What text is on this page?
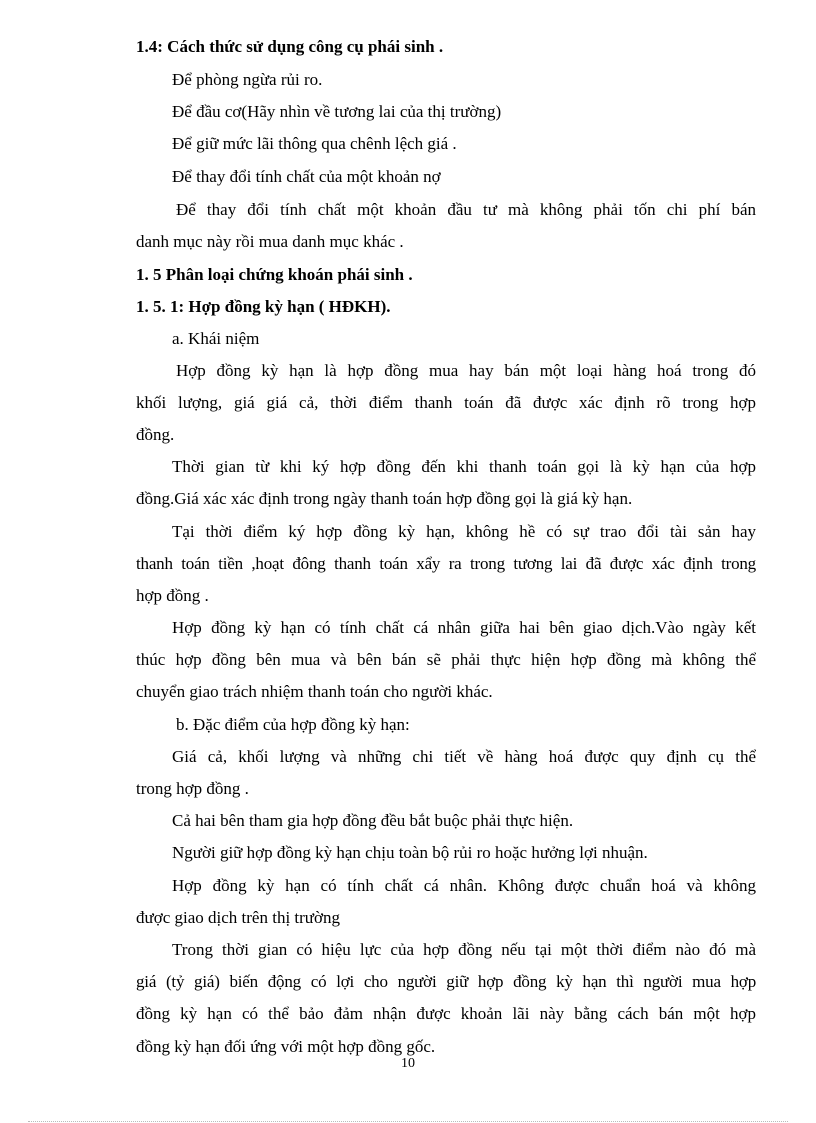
1.4: Cách thức sử dụng công cụ phái sinh .
Để phòng ngừa rủi ro.
Để đầu cơ(Hãy nhìn về tương lai của thị trường)
Để giữ mức lãi thông qua chênh lệch giá .
Để thay đổi tính chất của một khoản nợ
Để thay đổi tính chất một khoản đầu tư mà không phải tốn chi phí bán
danh mục này rồi mua danh mục khác .
1. 5 Phân loại chứng khoán phái sinh .
1. 5. 1: Hợp đồng kỳ hạn ( HĐKH).
a. Khái niệm
Hợp đồng kỳ hạn là hợp đồng mua hay bán một loại hàng hoá trong đó
khối lượng, giá giá cả, thời điểm thanh toán đã được xác định rõ trong hợp
đồng.
Thời gian từ khi ký hợp đồng đến khi thanh toán gọi là kỳ hạn của hợp
đồng.Giá xác xác định trong ngày thanh toán hợp đồng gọi là giá kỳ hạn.
Tại thời điểm ký hợp đồng kỳ hạn, không hề có sự trao đổi tài sản hay
thanh toán tiền ,hoạt đông thanh toán xẩy ra trong tương lai đã được xác định trong
hợp đồng .
Hợp đồng kỳ hạn có tính chất cá nhân giữa hai bên giao dịch.Vào ngày kết
thúc hợp đồng bên mua và bên bán sẽ phải thực hiện hợp đồng mà không thể
chuyển giao trách nhiệm thanh toán cho người khác.
b. Đặc điểm của hợp đồng kỳ hạn:
Giá cả, khối lượng và những chi tiết về hàng hoá được quy định cụ thể
trong hợp đồng .
Cả hai bên tham gia hợp đồng đều bắt buộc phải thực hiện.
Người giữ hợp đồng kỳ hạn chịu toàn bộ rủi ro hoặc hưởng lợi nhuận.
Hợp đồng kỳ hạn có tính chất cá nhân. Không được chuẩn hoá và không
được giao dịch trên thị trường
Trong thời gian có hiệu lực của hợp đồng nếu tại một thời điểm nào đó mà
giá (tỷ giá) biến động có lợi cho người giữ hợp đồng kỳ hạn thì người mua hợp
đồng kỳ hạn có thể bảo đảm nhận được khoản lãi này bằng cách bán một hợp
đồng kỳ hạn đối ứng với một hợp đồng gốc.
10
